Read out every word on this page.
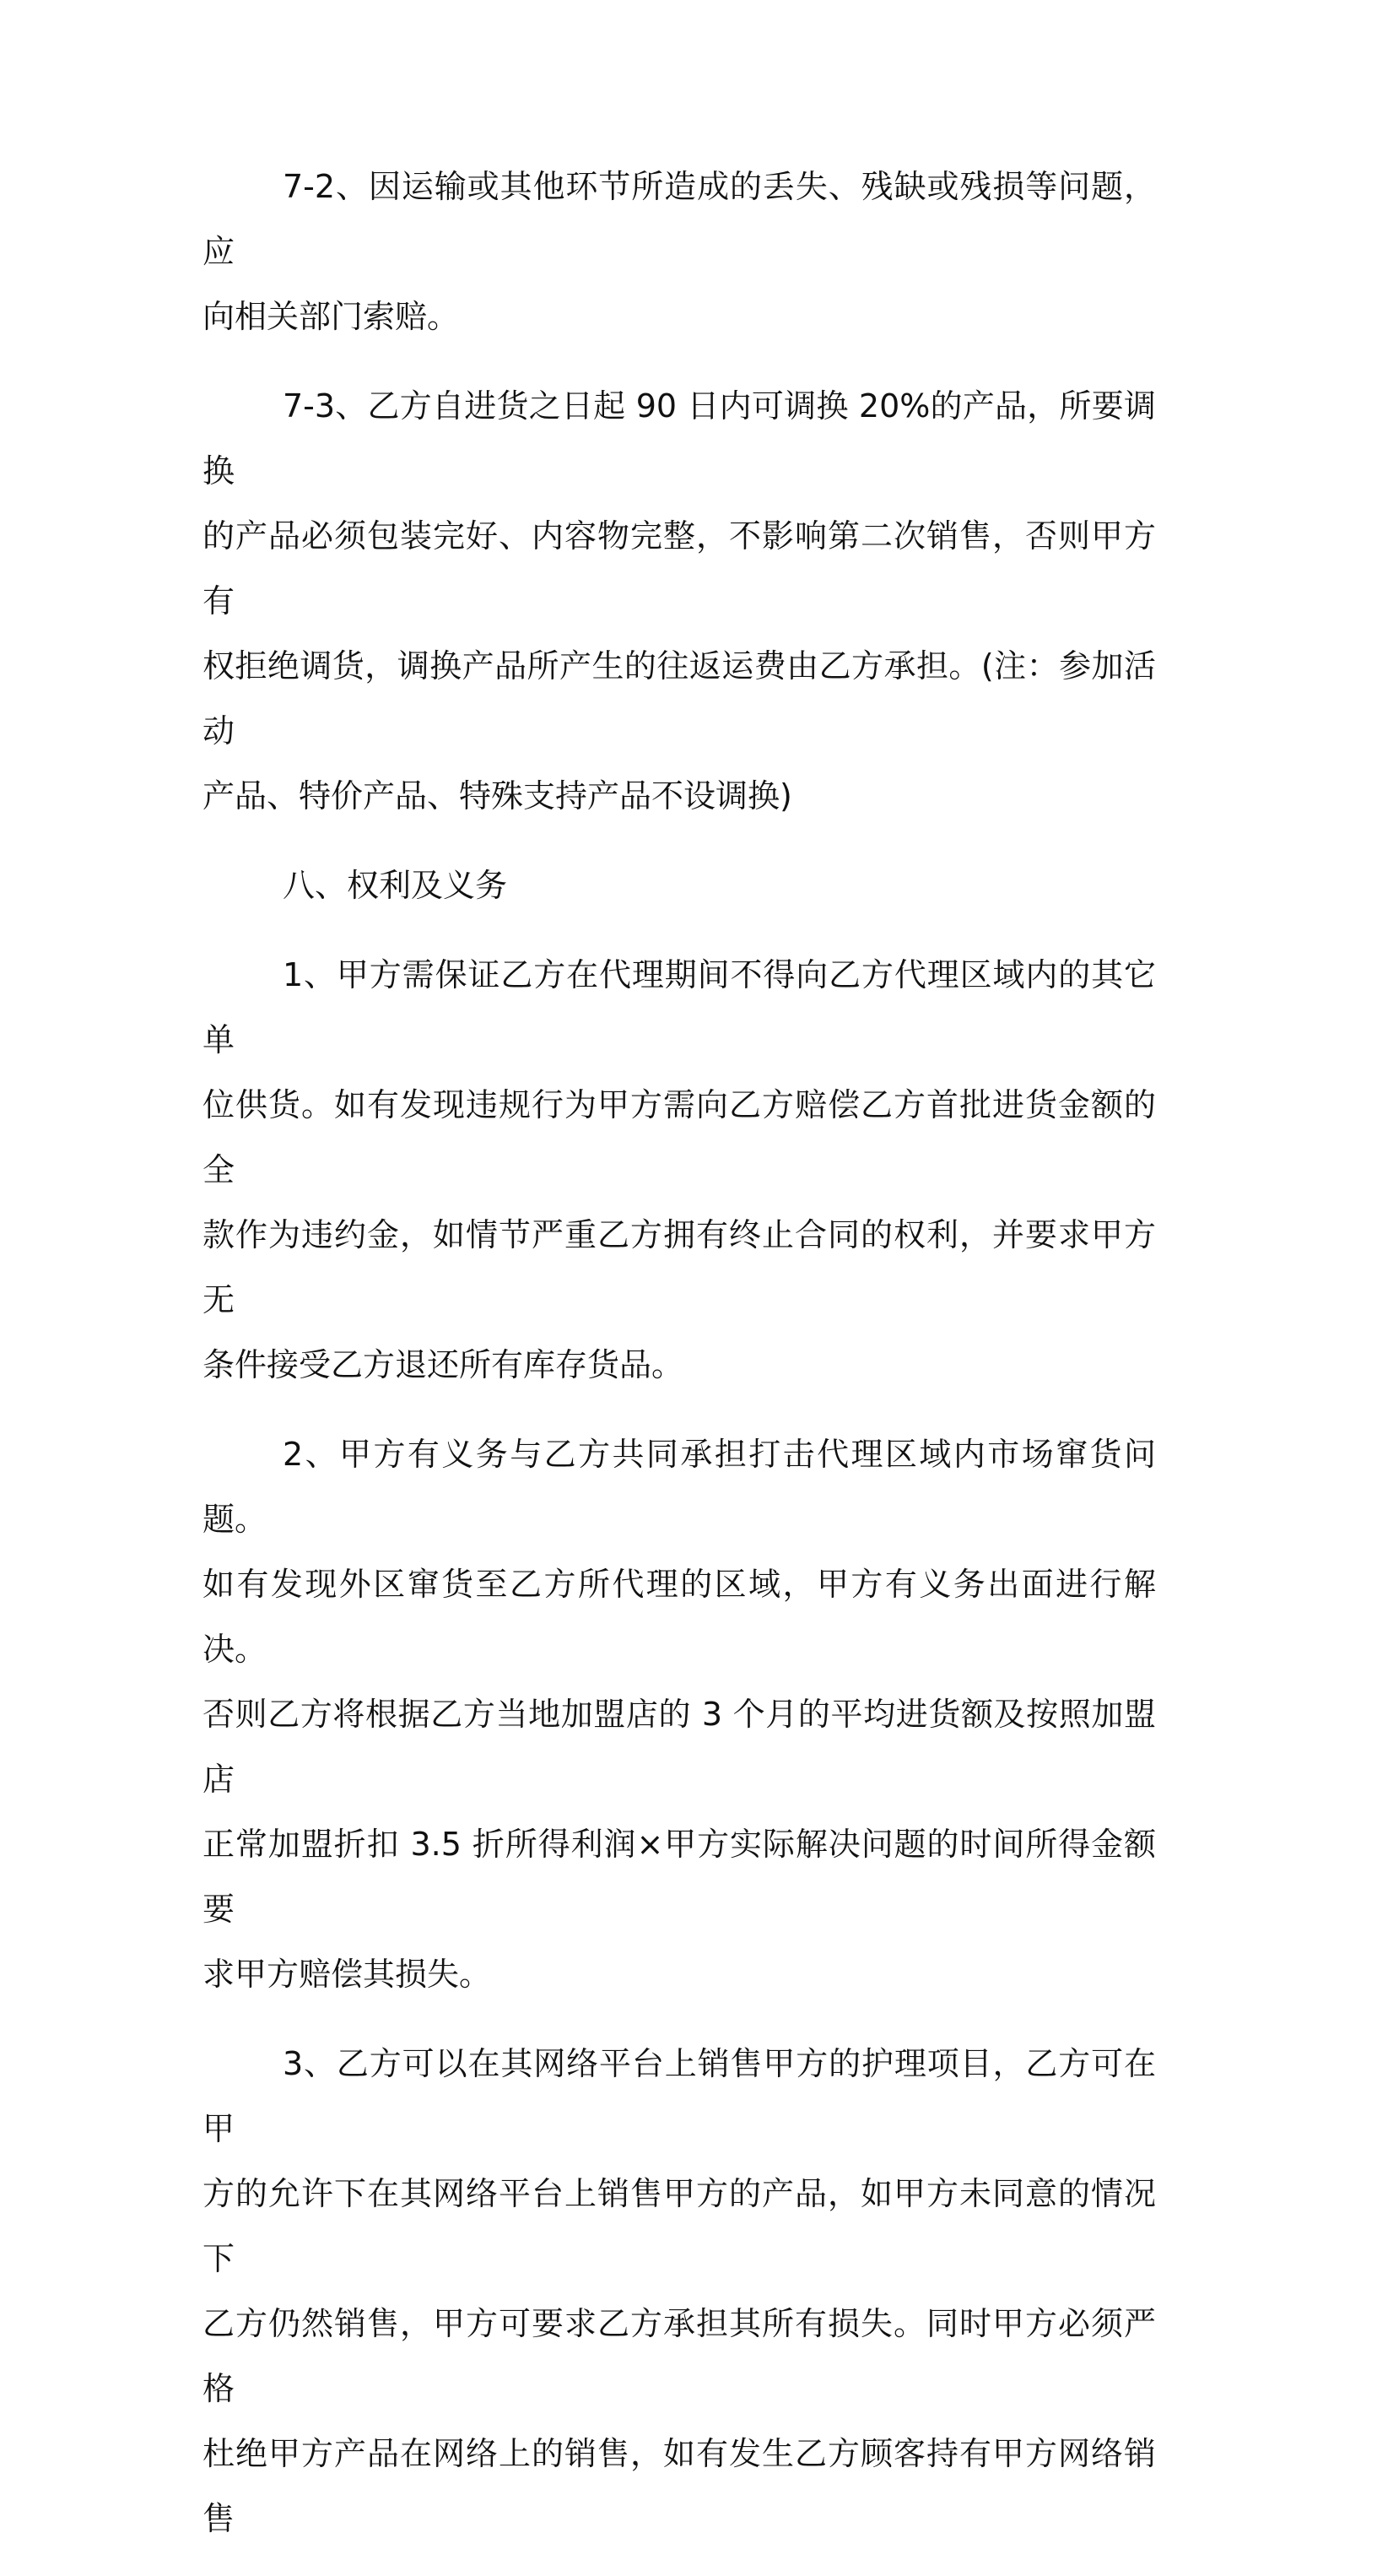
7-2、因运输或其他环节所造成的丢失、残缺或残损等问题，应
向相关部门索赔。

7-3、乙方自进货之日起 90 日内可调换 20%的产品，所要调换
的产品必须包装完好、内容物完整，不影响第二次销售，否则甲方有
权拒绝调货，调换产品所产生的往返运费由乙方承担。(注：参加活动
产品、特价产品、特殊支持产品不设调换)

八、权利及义务

1、甲方需保证乙方在代理期间不得向乙方代理区域内的其它单
位供货。如有发现违规行为甲方需向乙方赔偿乙方首批进货金额的全
款作为违约金，如情节严重乙方拥有终止合同的权利，并要求甲方无
条件接受乙方退还所有库存货品。

2、甲方有义务与乙方共同承担打击代理区域内市场窜货问题。
如有发现外区窜货至乙方所代理的区域，甲方有义务出面进行解决。
否则乙方将根据乙方当地加盟店的 3 个月的平均进货额及按照加盟店
正常加盟折扣 3.5 折所得利润×甲方实际解决问题的时间所得金额要
求甲方赔偿其损失。

3、乙方可以在其网络平台上销售甲方的护理项目，乙方可在甲
方的允许下在其网络平台上销售甲方的产品，如甲方未同意的情况下
乙方仍然销售，甲方可要求乙方承担其所有损失。同时甲方必须严格
杜绝甲方产品在网络上的销售，如有发生乙方顾客持有甲方网络销售
